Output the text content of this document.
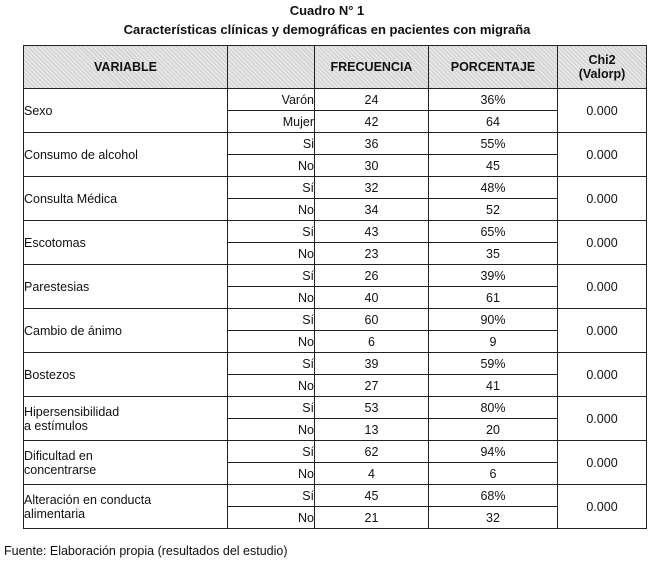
Cuadro N° 1
Características clínicas y demográficas en pacientes con migraña
VARIABLE		FRECUENCIA	PORCENTAJE	Chi2
(Valorp)
Sexo	Varón	24	36%	0.000
	Mujer	42	64	
Consumo de alcohol	Si	36	55%	0.000
	No	30	45	
Consulta Médica	Sí	32	48%	0.000
	No	34	52	
Escotomas	Sí	43	65%	0.000
	No	23	35	
Parestesias	Sí	26	39%	0.000
	No	40	61	
Cambio de ánimo	Sí	60	90%	0.000
	No	6	9	
Bostezos	Sí	39	59%	0.000
	No	27	41	
Hipersensibilidad
a estímulos	Sí	53	80%	0.000
	No	13	20	
Dificultad en
concentrarse	Sí	62	94%	0.000
	No	4	6	
Alteración en conducta
alimentaria	Sí	45	68%	0.000
	No	21	32	
Fuente: Elaboración propia (resultados del estudio)
